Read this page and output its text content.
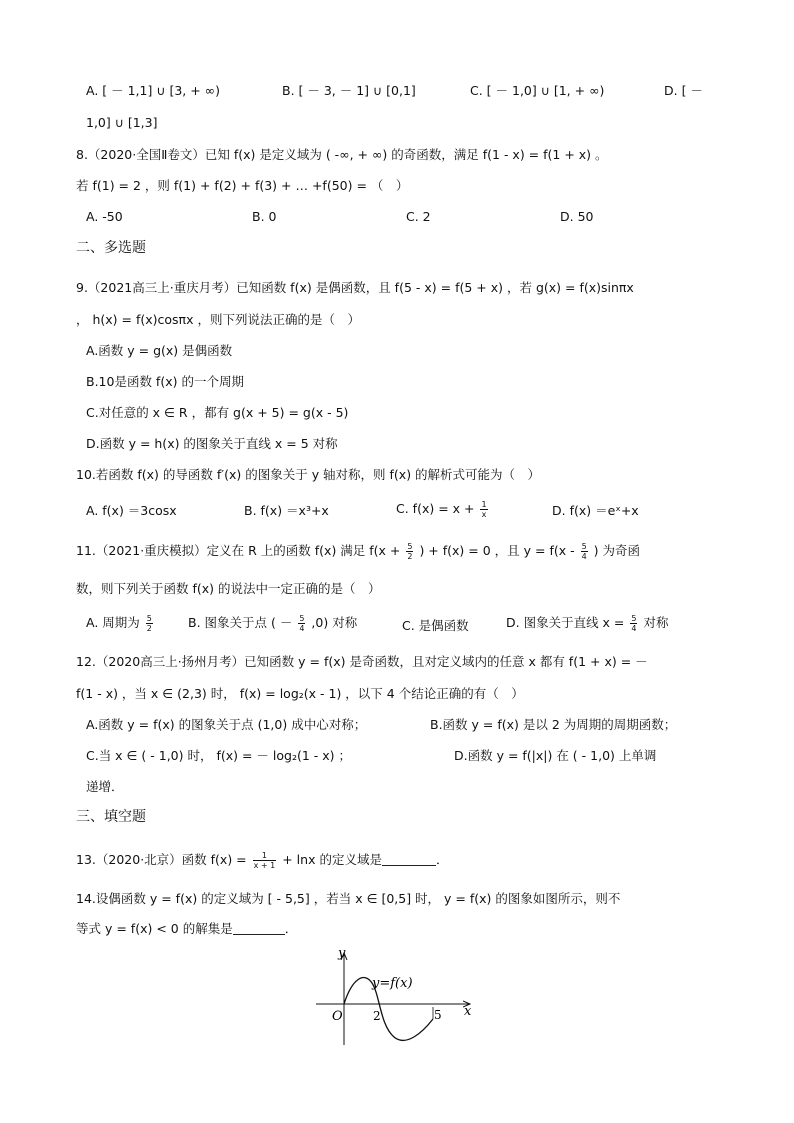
A. [ － 1,1] ∪ [3, + ∞)	B. [ － 3, － 1] ∪ [0,1]	C. [ － 1,0] ∪ [1, + ∞)	D. [ －
1,0] ∪ [1,3]
8.（2020·全国Ⅱ卷文）已知 f(x) 是定义域为 ( -∞, + ∞) 的奇函数，满足 f(1 - x) = f(1 + x) 。
若 f(1) = 2 ，则 f(1) + f(2) + f(3) + … +f(50) = （　）
A. -50	B. 0	C. 2	D. 50
二、多选题
9.（2021高三上·重庆月考）已知函数 f(x) 是偶函数，且 f(5 - x) = f(5 + x) ，若 g(x) = f(x)sinπx
， h(x) = f(x)cosπx ，则下列说法正确的是（　）
A.函数 y = g(x) 是偶函数
B.10是函数 f(x) 的一个周期
C.对任意的 x ∈ R ，都有 g(x + 5) = g(x - 5)
D.函数 y = h(x) 的图象关于直线 x = 5 对称
10.若函数 f(x) 的导函数 f′(x) 的图象关于 y 轴对称，则 f(x) 的解析式可能为（　）
A. f(x) ＝3cosx	B. f(x) ＝x³+x	C. $f(x) = x + \frac{1}{x}$	D. f(x) ＝eˣ+x
11.（2021·重庆模拟）定义在 R 上的函数 f(x) 满足 $f(x + \frac{5}{2}$ ) + f(x) = 0 ，且 $y = f(x - \frac{5}{4}$ ) 为奇函
数，则下列关于函数 f(x) 的说法中一定正确的是（　）
A. 周期为 $\frac{5}{2}$	B. 图象关于点 ( － $\frac{5}{4} ,0$) 对称	C. 是偶函数	D. 图象关于直线 $x = \frac{5}{4}$ 对称
12.（2020高三上·扬州月考）已知函数 y = f(x) 是奇函数，且对定义域内的任意 x 都有 f(1 + x) = －
f(1 - x) ，当 x ∈ (2,3) 时， f(x) = log₂(x - 1) ，以下 4 个结论正确的有（　）
A.函数 y = f(x) 的图象关于点 (1,0) 成中心对称；	B.函数 y = f(x) 是以 2 为周期的周期函数；
C.当 x ∈ ( - 1,0) 时， f(x) = － log₂(1 - x) ；	D.函数 y = f(|x|) 在 ( - 1,0) 上单调
递增．
三、填空题
13.（2020·北京）函数 $f(x) = \frac{1}{x + 1} + \ln x$ 的定义域是	．
14.设偶函数 y = f(x) 的定义域为 [ - 5,5] ，若当 x ∈ [0,5] 时， y = f(x) 的图象如图所示，则不
等式 y = f(x) < 0 的解集是	．
y
x
O	2	5
y=f(x)
